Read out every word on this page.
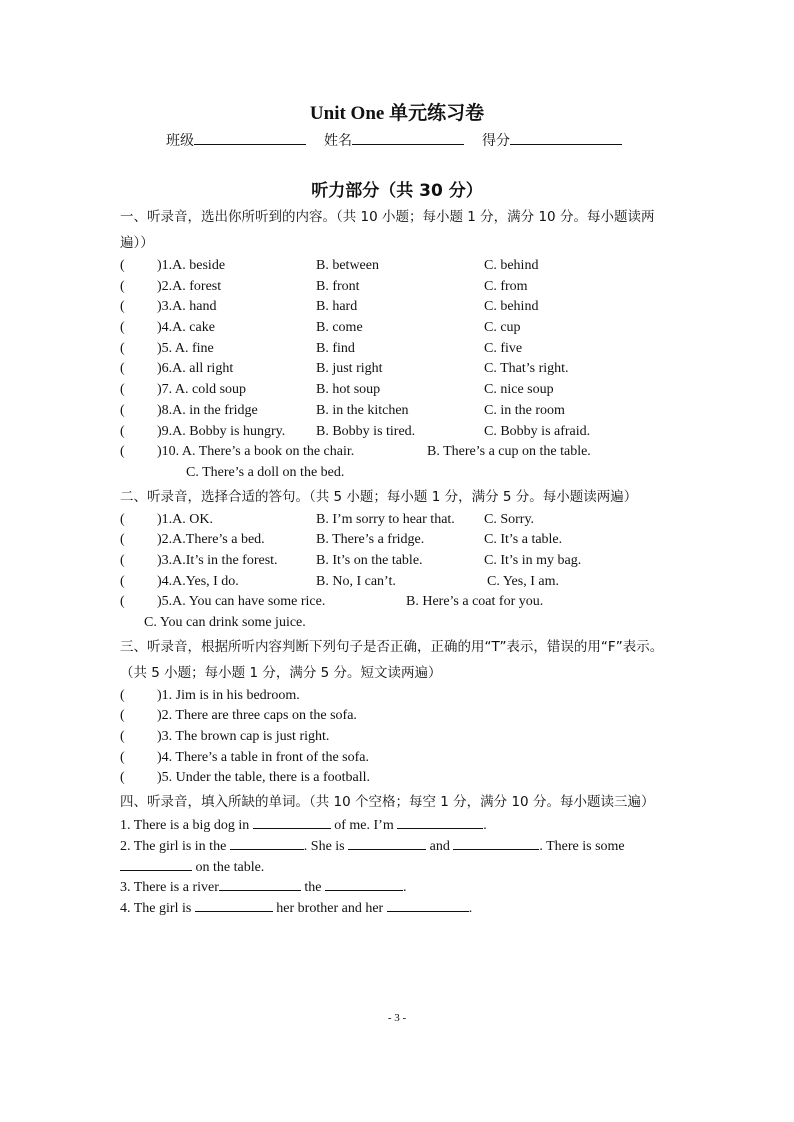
Unit One 单元练习卷
班级	姓名	得分
听力部分（共 30 分）
一、听录音，选出你所听到的内容。（共 10 小题；每小题 1 分，满分 10 分。每小题读两遍））
( )1.A. beside	B. between	C. behind
( )2.A. forest	B. front	C. from
( )3.A. hand	B. hard	C. behind
( )4.A. cake	B. come	C. cup
( )5. A. fine	B. find	C. five
( )6.A. all right	B. just right	C. That’s right.
( )7. A. cold soup	B. hot soup	C. nice soup
( )8.A. in the fridge	B. in the kitchen	C. in the room
( )9.A. Bobby is hungry. B. Bobby is tired.	C. Bobby is afraid.
( )10. A. There’s a book on the chair.	B. There’s a cup on the table.
C. There’s a doll on the bed.
二、听录音，选择合适的答句。（共 5 小题；每小题 1 分，满分 5 分。每小题读两遍）
( )1.A. OK.	B. I’m sorry to hear that. C. Sorry.
( )2.A.There’s a bed.	B. There’s a fridge.	C. It’s a table.
( )3.A.It’s in the forest.	B. It’s on the table.	C. It’s in my bag.
( )4.A.Yes, I do.	B. No, I can’t.	C. Yes, I am.
( )5.A. You can have some rice.	B. Here’s a coat for you.
C. You can drink some juice.
三、听录音，根据所听内容判断下列句子是否正确，正确的用“T”表示，错误的用“F”表示。（共 5 小题；每小题 1 分，满分 5 分。短文读两遍）
( )1. Jim is in his bedroom.
( )2. There are three caps on the sofa.
( )3. The brown cap is just right.
( )4. There’s a table in front of the sofa.
( )5. Under the table, there is a football.
四、听录音，填入所缺的单词。（共 10 个空格；每空 1 分，满分 10 分。每小题读三遍）
1. There is a big dog in	of me. I’m	.
2. The girl is in the	. She is	and	. There is some
on the table.
3. There is a river	the	.
4. The girl is	her brother and her	.
- 3 -
